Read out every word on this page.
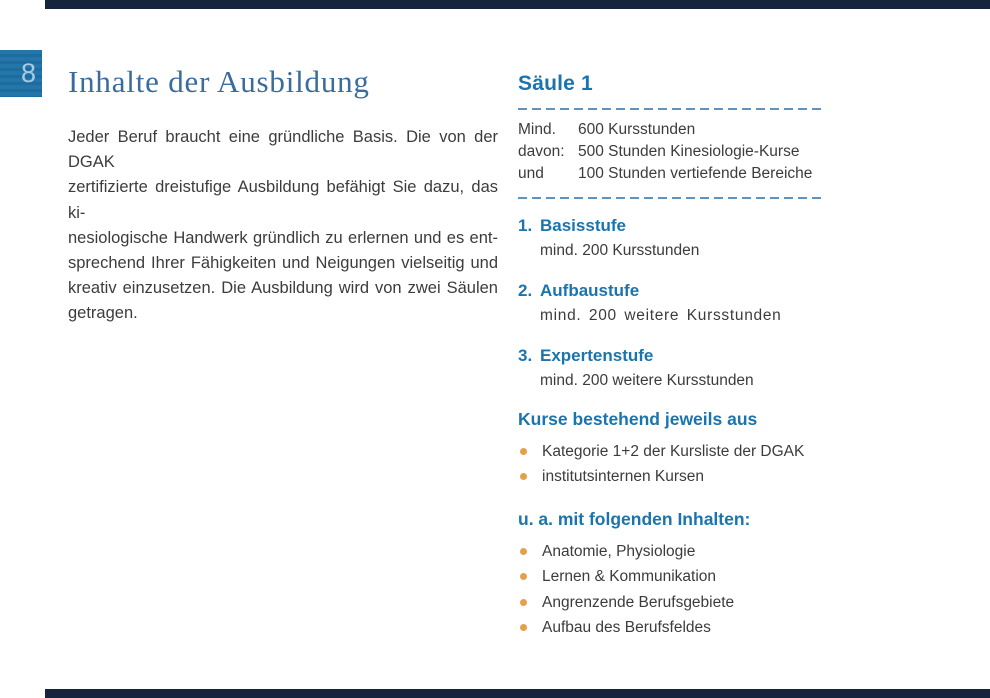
8 Inhalte der Ausbildung
Jeder Beruf braucht eine gründliche Basis. Die von der DGAK
zertifizierte dreistufige Ausbildung befähigt Sie dazu, das ki-
nesiologische Handwerk gründlich zu erlernen und es ent-
sprechend Ihrer Fähigkeiten und Neigungen vielseitig und
kreativ einzusetzen. Die Ausbildung wird von zwei Säulen
getragen.
Säule 1
Mind.	600 Kursstunden
davon: 500 Stunden Kinesiologie-Kurse
und	100 Stunden vertiefende Bereiche
1. Basisstufe
mind. 200 Kursstunden
2. Aufbaustufe
mind. 200 weitere Kursstunden
3. Expertenstufe
mind. 200 weitere Kursstunden
Kurse bestehend jeweils aus
Kategorie 1+2 der Kursliste der DGAK
institutsinternen Kursen
u. a. mit folgenden Inhalten:
Anatomie, Physiologie
Lernen & Kommunikation
Angrenzende Berufsgebiete
Aufbau des Berufsfeldes
